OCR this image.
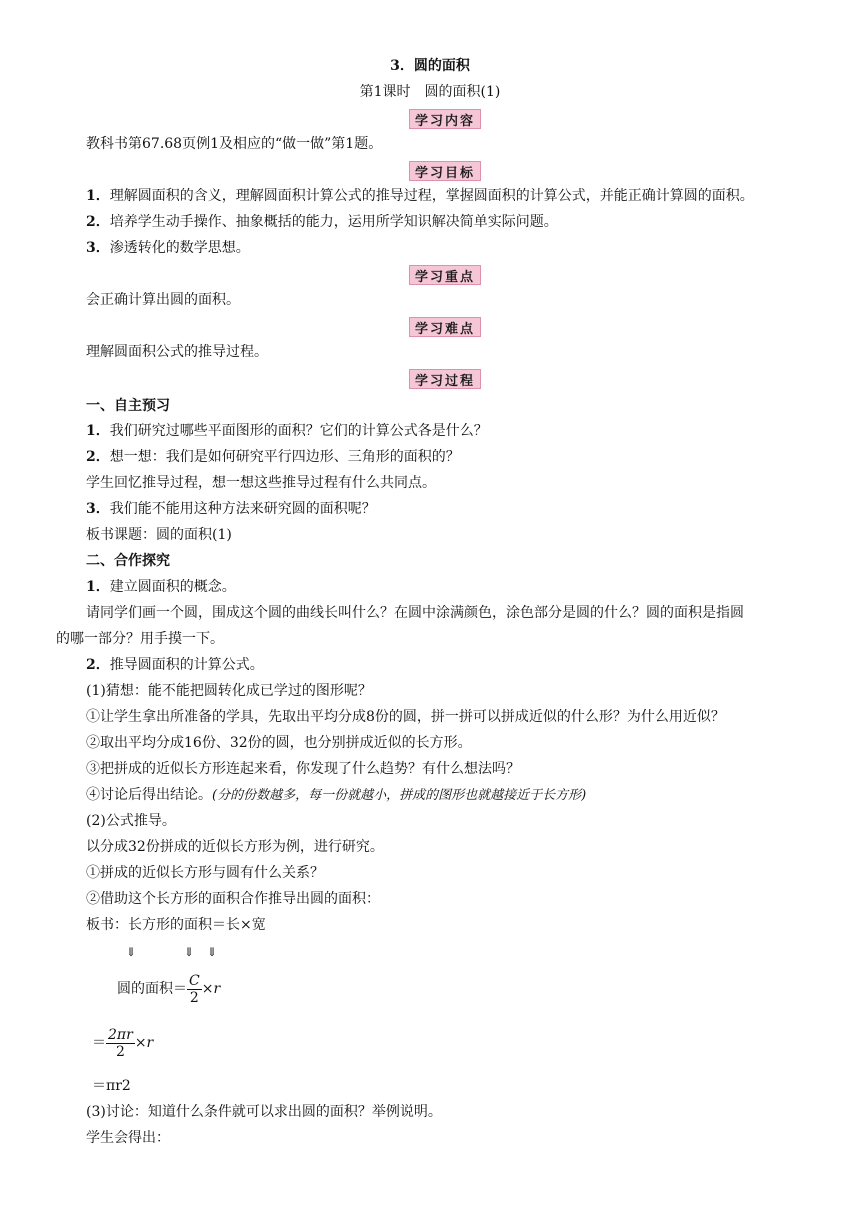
3．圆的面积
第1课时　圆的面积(1)
学习内容
教科书第67.68页例1及相应的“做一做”第1题。
学习目标
1．理解圆面积的含义，理解圆面积计算公式的推导过程，掌握圆面积的计算公式，并能正确计算圆的面积。
2．培养学生动手操作、抽象概括的能力，运用所学知识解决简单实际问题。
3．渗透转化的数学思想。
学习重点
会正确计算出圆的面积。
学习难点
理解圆面积公式的推导过程。
学习过程
一、自主预习
1．我们研究过哪些平面图形的面积？它们的计算公式各是什么？
2．想一想：我们是如何研究平行四边形、三角形的面积的？
学生回忆推导过程，想一想这些推导过程有什么共同点。
3．我们能不能用这种方法来研究圆的面积呢？
板书课题：圆的面积(1)
二、合作探究
1．建立圆面积的概念。
请同学们画一个圆，围成这个圆的曲线长叫什么？在圆中涂满颜色，涂色部分是圆的什么？圆的面积是指圆
的哪一部分？用手摸一下。
2．推导圆面积的计算公式。
(1)猜想：能不能把圆转化成已学过的图形呢？
①让学生拿出所准备的学具，先取出平均分成8份的圆，拼一拼可以拼成近似的什么形？为什么用近似？
②取出平均分成16份、32份的圆，也分别拼成近似的长方形。
③把拼成的近似长方形连起来看，你发现了什么趋势？有什么想法吗？
④讨论后得出结论。(分的份数越多，每一份就越小，拼成的图形也就越接近于长方形)
(2)公式推导。
以分成32份拼成的近似长方形为例，进行研究。
①拼成的近似长方形与圆有什么关系？
②借助这个长方形的面积合作推导出圆的面积：
板书：长方形的面积＝长×宽
⇓	⇓ ⇓
圆的面积＝ $\frac{C}{2} \times r$
＝ $\frac{2\pi r}{2} \times r$
＝πr2
(3)讨论：知道什么条件就可以求出圆的面积？举例说明。
学生会得出：
